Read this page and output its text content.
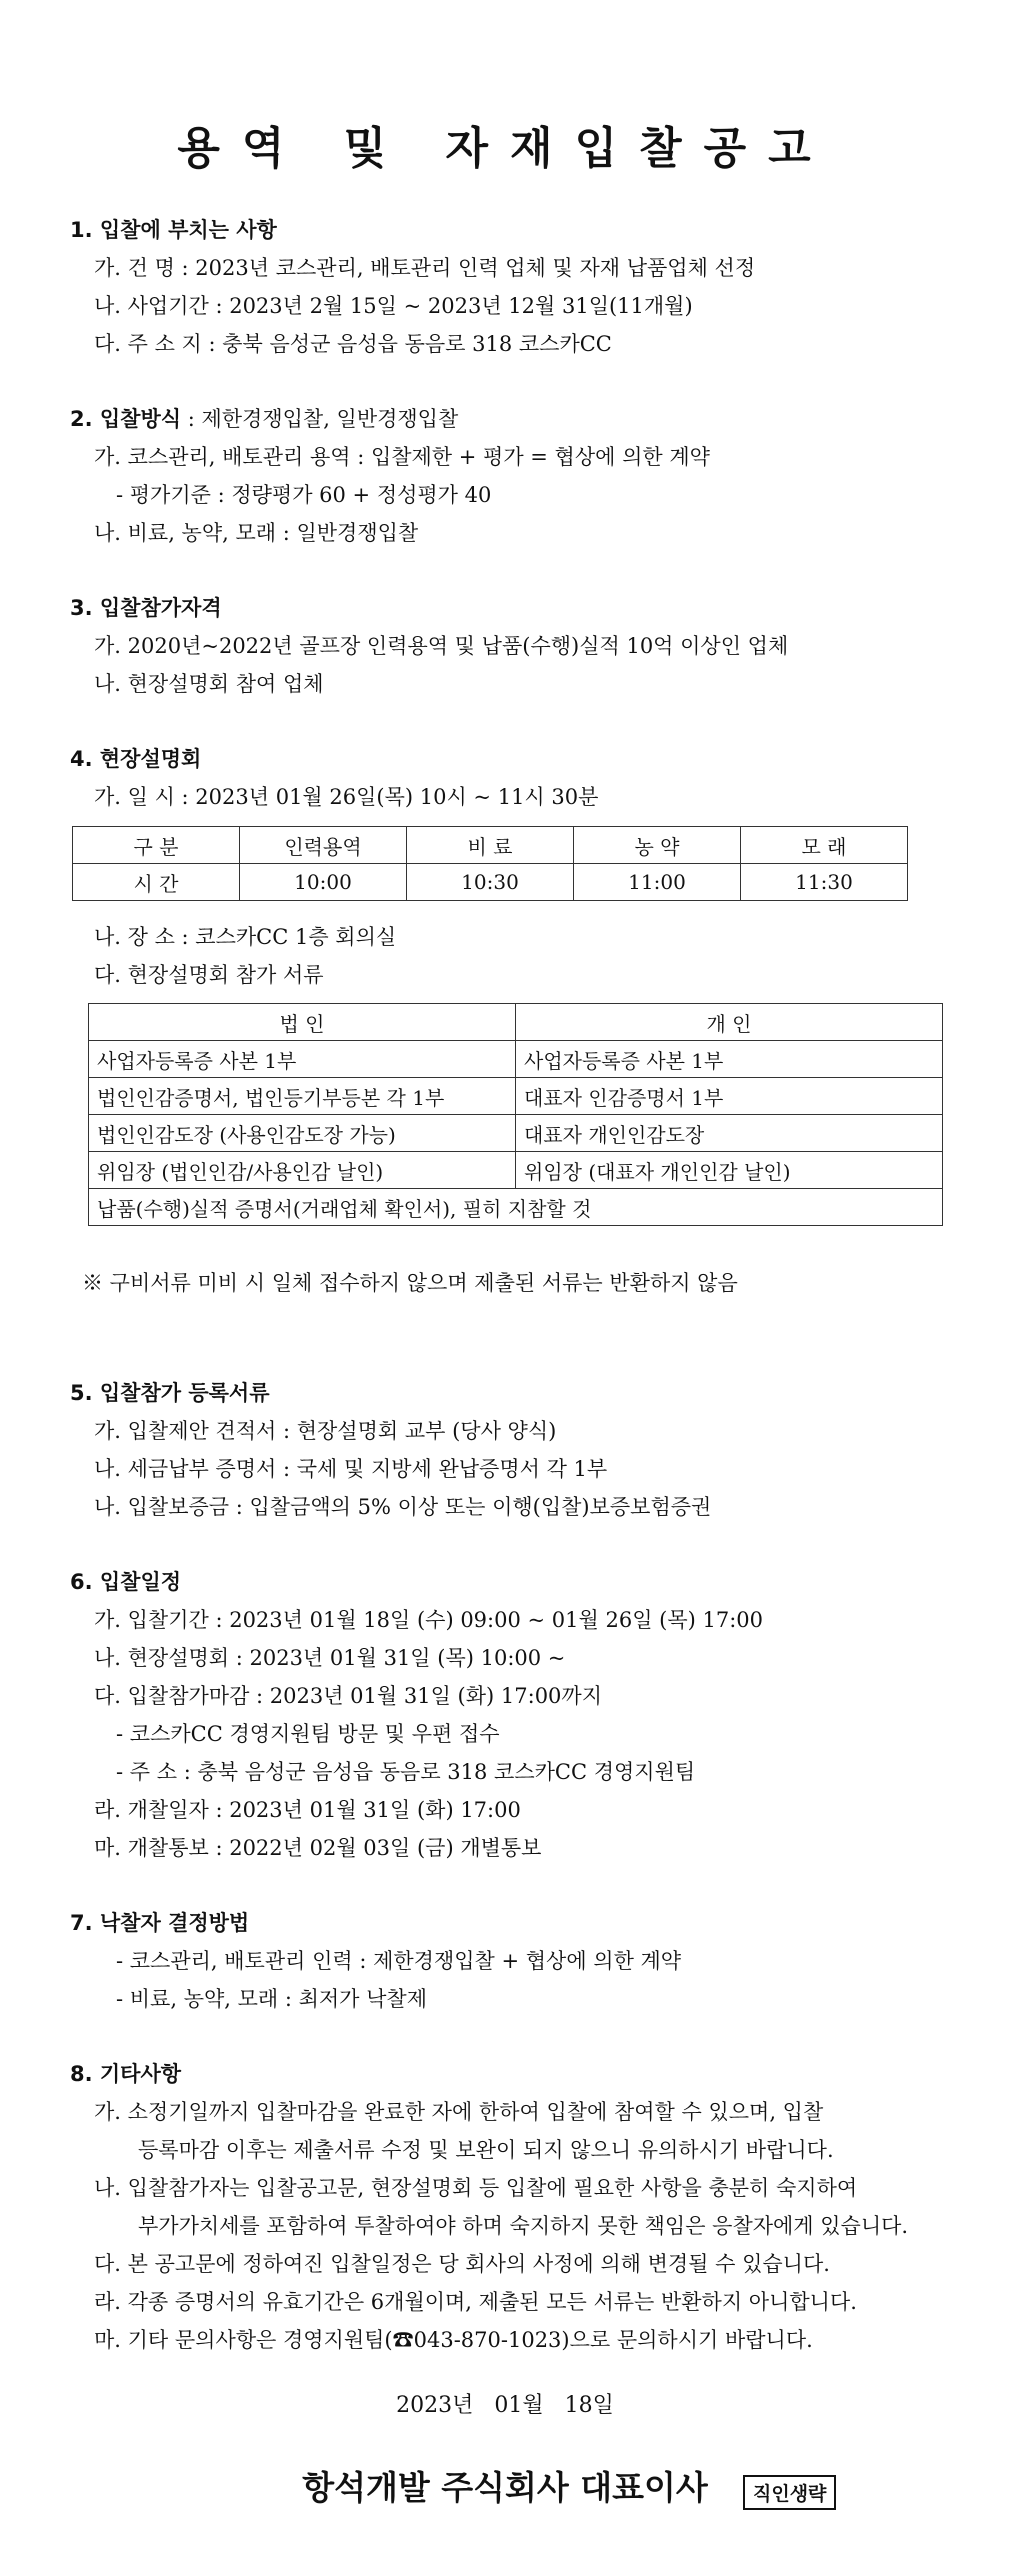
용역 및 자재입찰공고
1. 입찰에 부치는 사항
가. 건 명 : 2023년 코스관리, 배토관리 인력 업체 및 자재 납품업체 선정
나. 사업기간 : 2023년 2월 15일 ~ 2023년 12월 31일(11개월)
다. 주 소 지 : 충북 음성군 음성읍 동음로 318 코스카CC
2. 입찰방식 : 제한경쟁입찰, 일반경쟁입찰
가. 코스관리, 배토관리 용역 : 입찰제한 + 평가 = 협상에 의한 계약
- 평가기준 : 정량평가 60 + 정성평가 40
나. 비료, 농약, 모래 : 일반경쟁입찰
3. 입찰참가자격
가. 2020년~2022년 골프장 인력용역 및 납품(수행)실적 10억 이상인 업체
나. 현장설명회 참여 업체
4. 현장설명회
가. 일 시 : 2023년 01월 26일(목) 10시 ~ 11시 30분
구 분	인력용역	비 료	농 약	모 래
시 간	10:00	10:30	11:00	11:30
나. 장 소 : 코스카CC 1층 회의실
다. 현장설명회 참가 서류
법 인	개 인
사업자등록증 사본 1부	사업자등록증 사본 1부
법인인감증명서, 법인등기부등본 각 1부	대표자 인감증명서 1부
법인인감도장 (사용인감도장 가능)	대표자 개인인감도장
위임장 (법인인감/사용인감 날인)	위임장 (대표자 개인인감 날인)
납품(수행)실적 증명서(거래업체 확인서), 필히 지참할 것	
※ 구비서류 미비 시 일체 접수하지 않으며 제출된 서류는 반환하지 않음
5. 입찰참가 등록서류
가. 입찰제안 견적서 : 현장설명회 교부 (당사 양식)
나. 세금납부 증명서 : 국세 및 지방세 완납증명서 각 1부
나. 입찰보증금 : 입찰금액의 5% 이상 또는 이행(입찰)보증보험증권
6. 입찰일정
가. 입찰기간 : 2023년 01월 18일 (수) 09:00 ~ 01월 26일 (목) 17:00
나. 현장설명회 : 2023년 01월 31일 (목) 10:00 ~
다. 입찰참가마감 : 2023년 01월 31일 (화) 17:00까지
- 코스카CC 경영지원팀 방문 및 우편 접수
- 주 소 : 충북 음성군 음성읍 동음로 318 코스카CC 경영지원팀
라. 개찰일자 : 2023년 01월 31일 (화) 17:00
마. 개찰통보 : 2022년 02월 03일 (금) 개별통보
7. 낙찰자 결정방법
- 코스관리, 배토관리 인력 : 제한경쟁입찰 + 협상에 의한 계약
- 비료, 농약, 모래 : 최저가 낙찰제
8. 기타사항
가. 소정기일까지 입찰마감을 완료한 자에 한하여 입찰에 참여할 수 있으며, 입찰
등록마감 이후는 제출서류 수정 및 보완이 되지 않으니 유의하시기 바랍니다.
나. 입찰참가자는 입찰공고문, 현장설명회 등 입찰에 필요한 사항을 충분히 숙지하여
부가가치세를 포함하여 투찰하여야 하며 숙지하지 못한 책임은 응찰자에게 있습니다.
다. 본 공고문에 정하여진 입찰일정은 당 회사의 사정에 의해 변경될 수 있습니다.
라. 각종 증명서의 유효기간은 6개월이며, 제출된 모든 서류는 반환하지 아니합니다.
마. 기타 문의사항은 경영지원팀(☎043-870-1023)으로 문의하시기 바랍니다.
2023년 01월 18일
항석개발 주식회사 대표이사	직인생략
